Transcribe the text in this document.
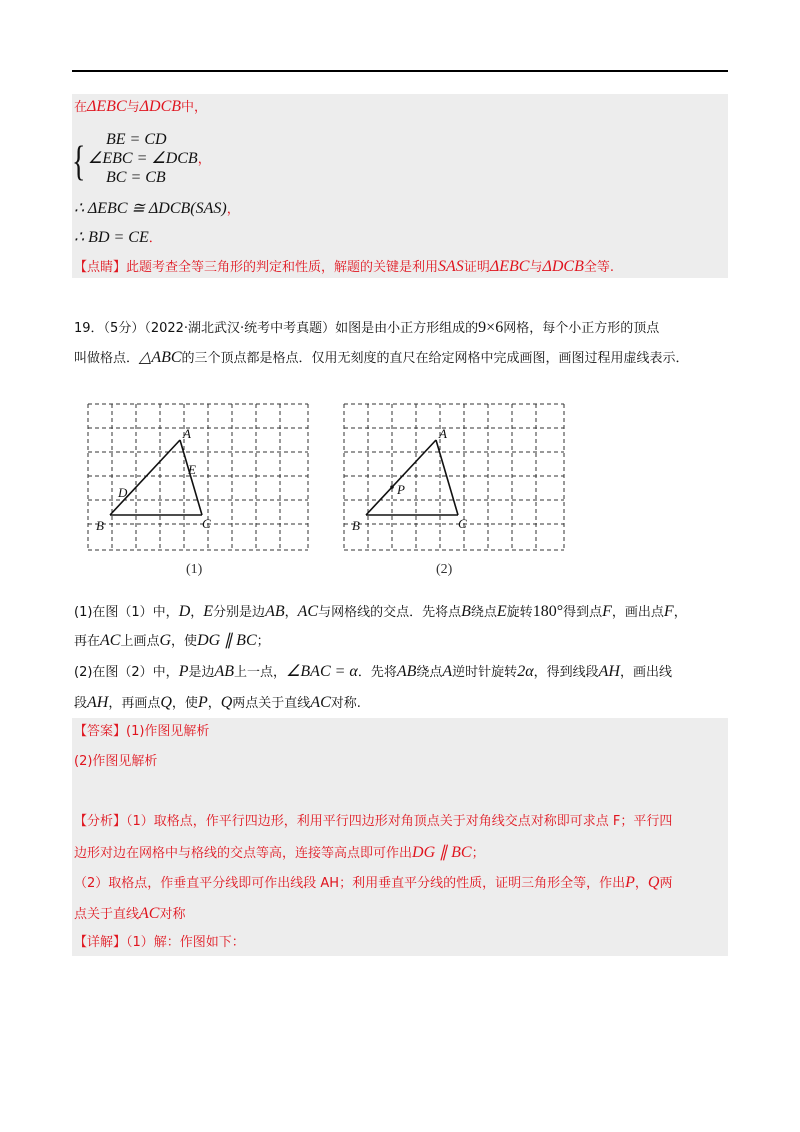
在ΔEBC与ΔDCB中，
{ BE = CD
∠EBC = ∠DCB，
BC = CB
∴ ΔEBC ≅ ΔDCB(SAS)，
∴ BD = CE．
【点睛】此题考查全等三角形的判定和性质，解题的关键是利用SAS证明ΔEBC与ΔDCB全等.
19．（5分）（2022·湖北武汉·统考中考真题）如图是由小正方形组成的9×6网格，每个小正方形的顶点
叫做格点．△ABC的三个顶点都是格点．仅用无刻度的直尺在给定网格中完成画图，画图过程用虚线表示．
A
B	C
D
E
(1)
A
B	C
P
(2)
(1)在图（1）中，D，E分别是边AB，AC与网格线的交点．先将点B绕点E旋转180°得到点F，画出点F，
再在AC上画点G，使DG ∥ BC；
(2)在图（2）中，P是边AB上一点，∠BAC = α．先将AB绕点A逆时针旋转2α，得到线段AH，画出线
段AH，再画点Q，使P，Q两点关于直线AC对称.
【答案】(1)作图见解析
(2)作图见解析
【分析】（1）取格点，作平行四边形，利用平行四边形对角顶点关于对角线交点对称即可求点 F；平行四
边形对边在网格中与格线的交点等高，连接等高点即可作出DG ∥ BC；
（2）取格点，作垂直平分线即可作出线段 AH；利用垂直平分线的性质，证明三角形全等，作出P，Q两
点关于直线AC对称
【详解】（1）解：作图如下：
